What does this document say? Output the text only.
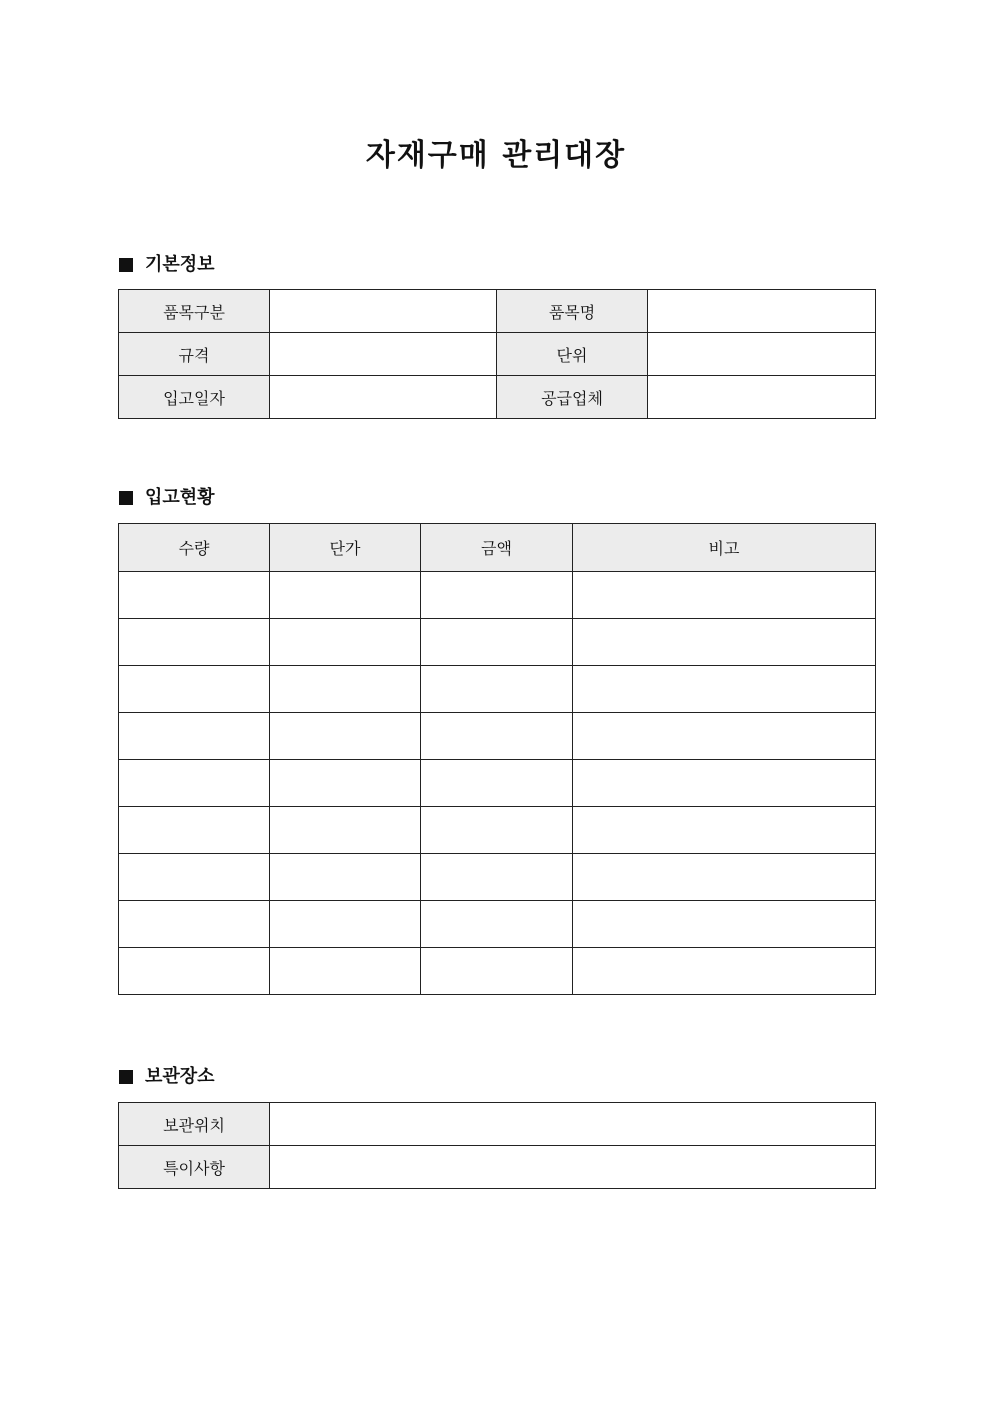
자재구매 관리대장
기본정보
품목구분		품목명	
규격		단위	
입고일자		공급업체	
입고현황
수량	단가	금액	비고

보관장소
보관위치	
특이사항	
